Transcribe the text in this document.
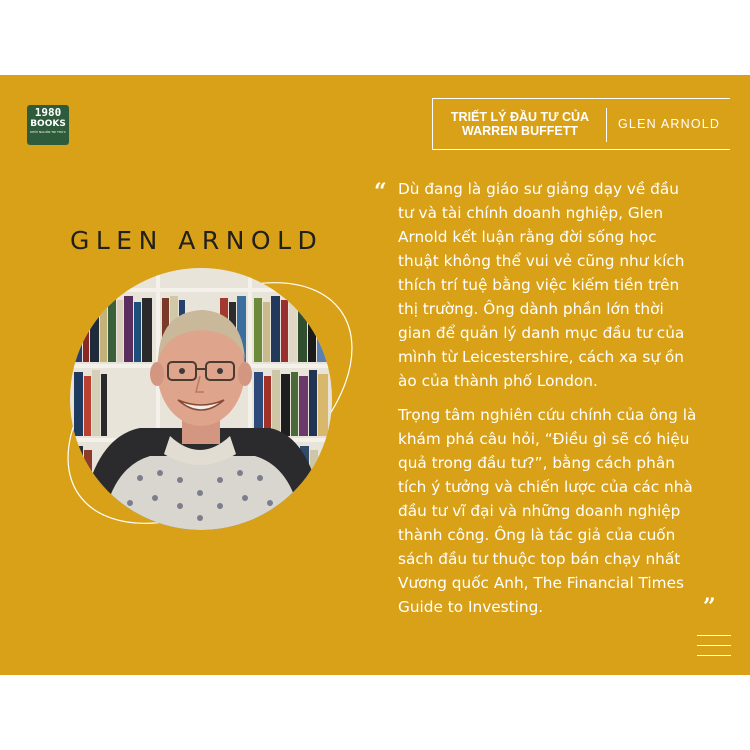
1980
BOOKS
KHỞI NGUỒN TRI THỨC
TRIẾT LÝ ĐẦU TƯ CỦA
WARREN BUFFETT	GLEN ARNOLD
GLEN ARNOLD
“ Dù đang là giáo sư giảng dạy về đầu tư và tài chính doanh nghiệp, Glen Arnold kết luận rằng đời sống học thuật không thể vui vẻ cũng như kích thích trí tuệ bằng việc kiếm tiền trên thị trường. Ông dành phần lớn thời gian để quản lý danh mục đầu tư của mình từ Leicestershire, cách xa sự ồn ào của thành phố London.

Trọng tâm nghiên cứu chính của ông là khám phá câu hỏi, “Điều gì sẽ có hiệu quả trong đầu tư?”, bằng cách phân tích ý tưởng và chiến lược của các nhà đầu tư vĩ đại và những doanh nghiệp thành công. Ông là tác giả của cuốn sách đầu tư thuộc top bán chạy nhất Vương quốc Anh, The Financial Times Guide to Investing.	”
